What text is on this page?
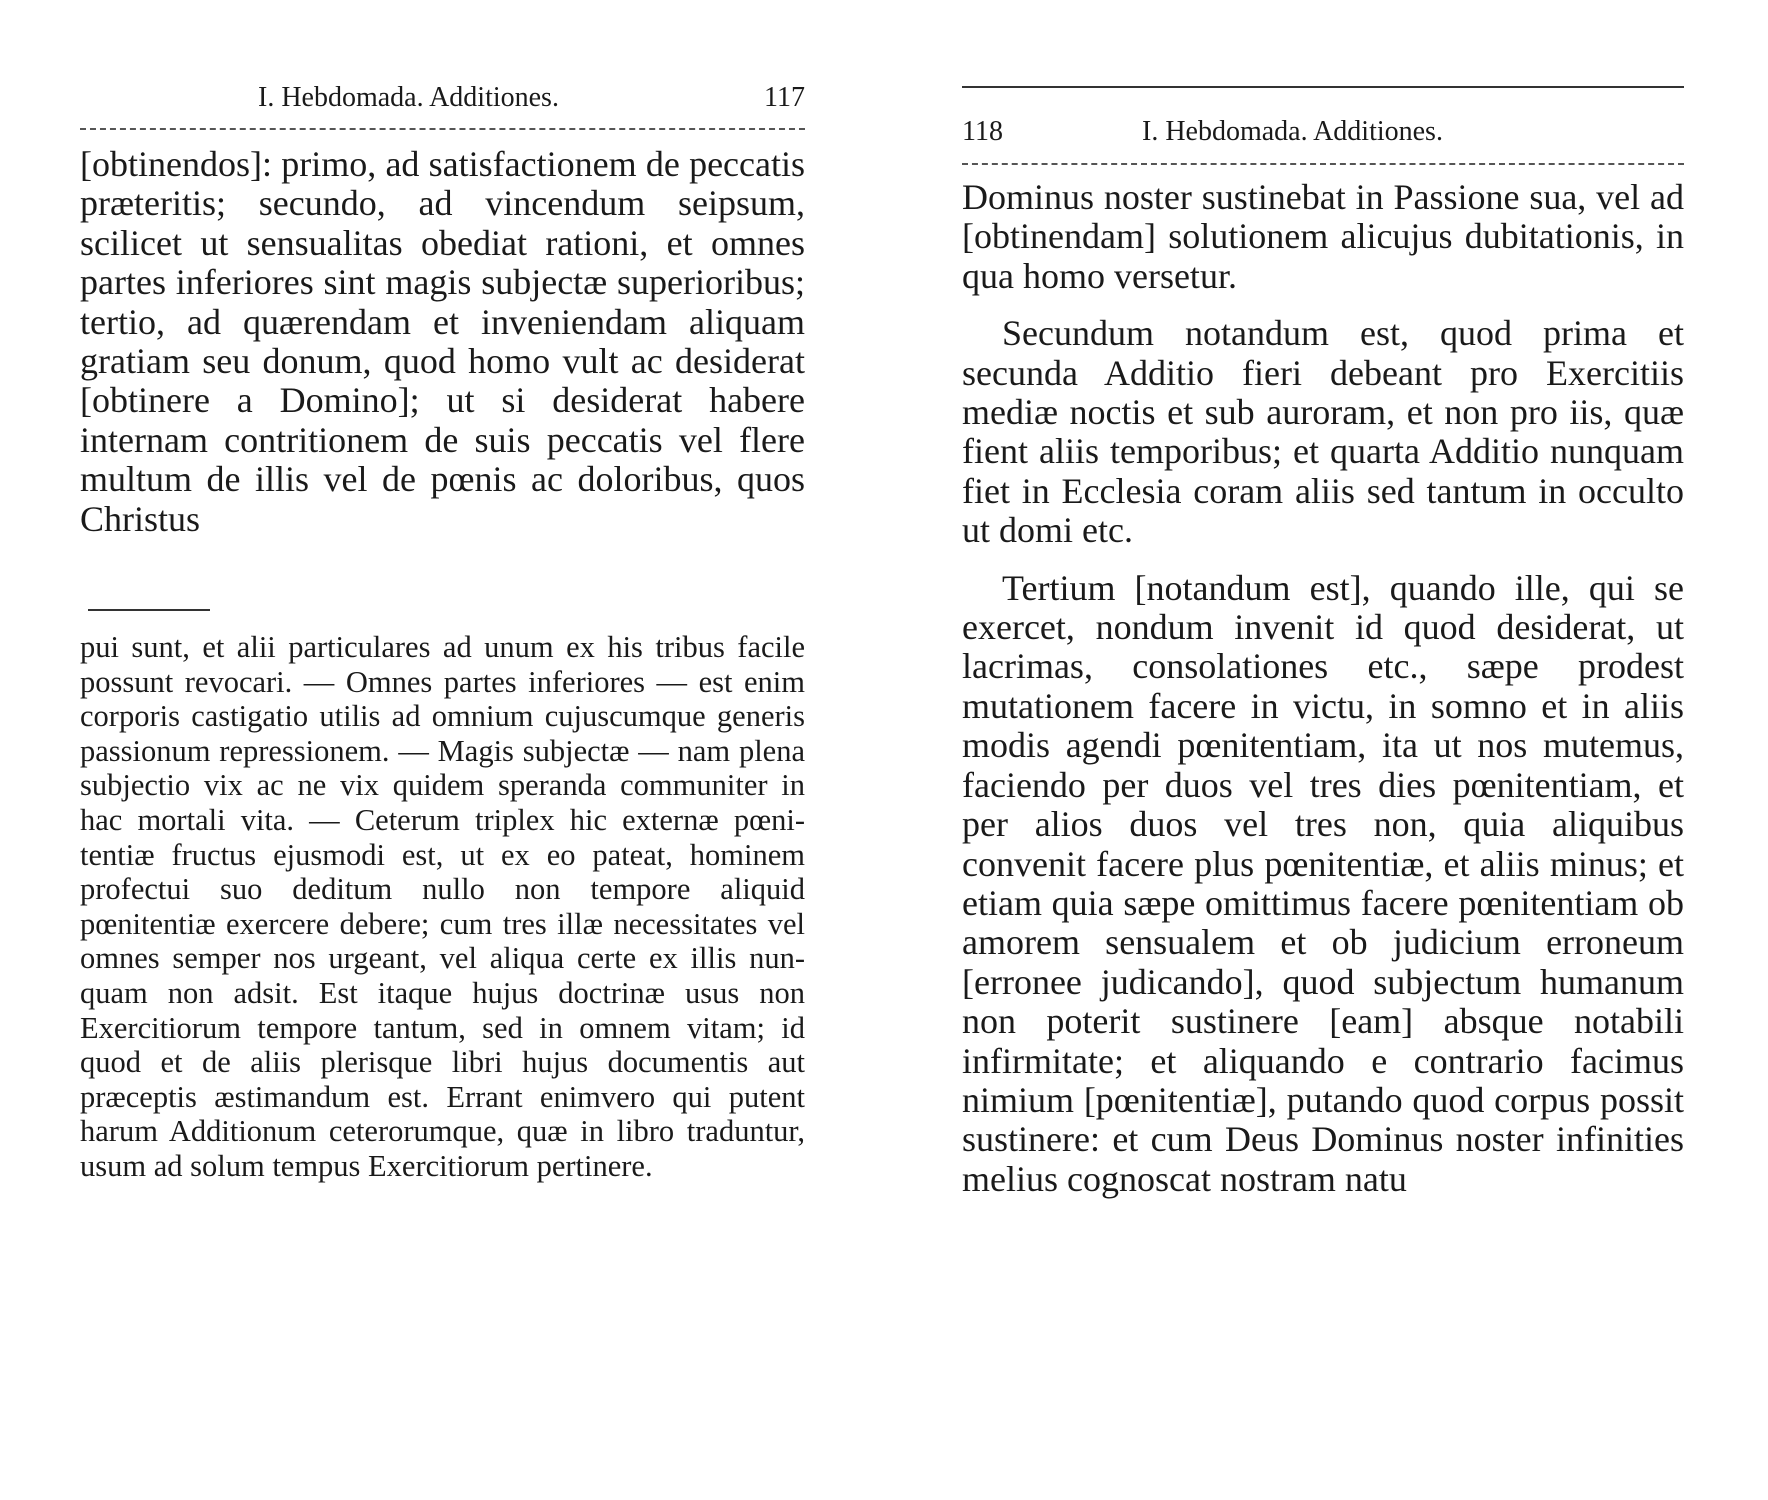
I. Hebdomada. Additiones.	117

[obtinendos]: primo, ad satisfactionem de peccatis præteritis; secundo, ad vincendum seipsum, scilicet ut sensualitas obediat rationi, et omnes partes inferiores sint magis subjectæ superioribus; tertio, ad quærendam et inveniendam aliquam gratiam seu donum, quod homo vult ac desiderat [obtinere a Domino]; ut si desiderat habere internam contritionem de suis peccatis vel flere multum de illis vel de pœnis ac doloribus, quos Christus

pui sunt, et alii particulares ad unum ex his tribus facile possunt revocari. — Omnes partes inferiores — est enim corporis castigatio utilis ad omnium cujuscumque generis passionum repressionem. — Magis subjectæ — nam plena subjectio vix ac ne vix quidem speranda communiter in hac mortali vita. — Ceterum triplex hic externæ pœnitentiæ fructus ejusmodi est, ut ex eo pateat, hominem profectui suo deditum nullo non tempore aliquid pœnitentiæ exercere debere; cum tres illæ necessitates vel omnes semper nos urgeant, vel aliqua certe ex illis nunquam non adsit. Est itaque hujus doctrinæ usus non Exercitiorum tempore tantum, sed in omnem vitam; id quod et de aliis plerisque libri hujus documentis aut præceptis æstimandum est. Errant enimvero qui putent harum Additionum ceterorumque, quæ in libro traduntur, usum ad solum tempus Exercitiorum pertinere.

118	I. Hebdomada. Additiones.

Dominus noster sustinebat in Passione sua, vel ad [obtinendam] solutionem alicujus dubitationis, in qua homo versetur.

Secundum notandum est, quod prima et secunda Additio fieri debeant pro Exercitiis mediæ noctis et sub auroram, et non pro iis, quæ fient aliis temporibus; et quarta Additio nunquam fiet in Ecclesia coram aliis sed tantum in occulto ut domi etc.

Tertium [notandum est], quando ille, qui se exercet, nondum invenit id quod desiderat, ut lacrimas, consolationes etc., sæpe prodest mutationem facere in victu, in somno et in aliis modis agendi pœnitentiam, ita ut nos mutemus, faciendo per duos vel tres dies pœnitentiam, et per alios duos vel tres non, quia aliquibus convenit facere plus pœnitentiæ, et aliis minus; et etiam quia sæpe omittimus facere pœnitentiam ob amorem sensualem et ob judicium erroneum [erronee judicando], quod subjectum humanum non poterit sustinere [eam] absque notabili infirmitate; et aliquando e contrario facimus nimium [pœnitentiæ], putando quod corpus possit sustinere: et cum Deus Dominus noster infinities melius cognoscat nostram natu
